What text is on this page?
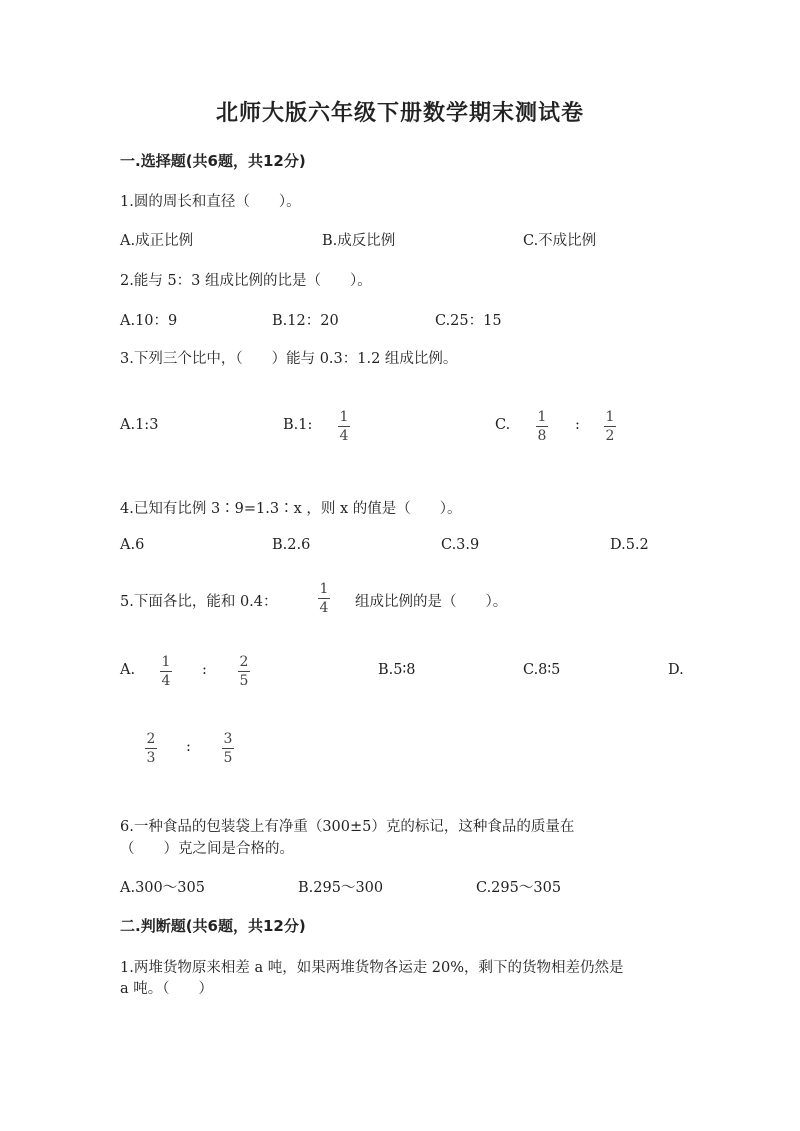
北师大版六年级下册数学期末测试卷
一.选择题(共6题，共12分)
1.圆的周长和直径（　　）。
A.成正比例	B.成反比例	C.不成比例
2.能与 5：3 组成比例的比是（　　）。
A.10：9	B.12：20	C.25：15
3.下列三个比中，（　　）能与 0.3：1.2 组成比例。
A.1:3	B.1: 1
4
C. 1
8
: 1
2
4.已知有比例 3∶9=1.3∶x ，则 x 的值是（　　）。
A.6	B.2.6	C.3.9	D.5.2
5.下面各比，能和 0.4：
1
4 组成比例的是（　　）。
A. 1
4
: 2
5
B.5∶8	C.8∶5	D.
2
3
: 3
5
6.一种食品的包装袋上有净重（300±5）克的标记，这种食品的质量在
（　　）克之间是合格的。
A.300～305	B.295～300	C.295～305
二.判断题(共6题，共12分)
1.两堆货物原来相差 a 吨，如果两堆货物各运走 20%，剩下的货物相差仍然是
a 吨。（　　）
